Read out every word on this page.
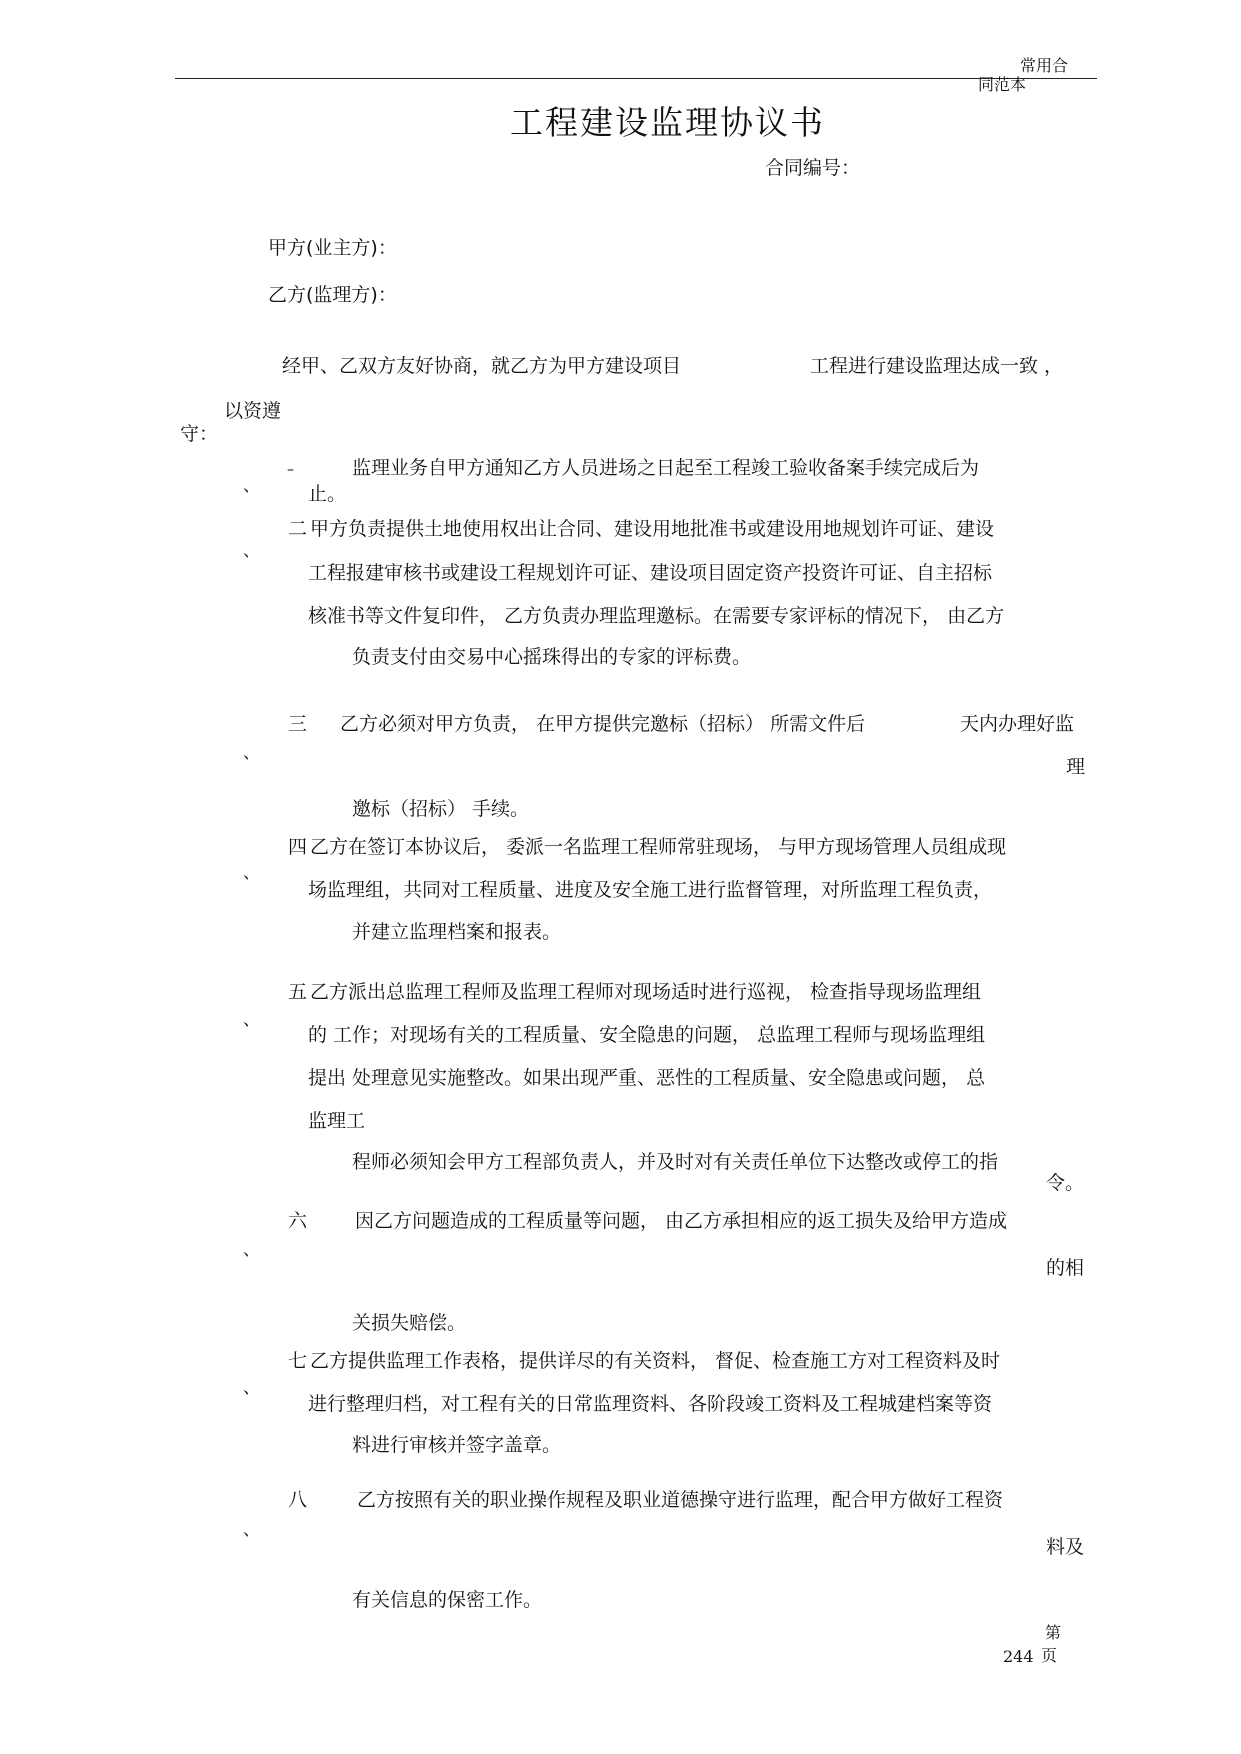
常用合
同范本
工程建设监理协议书
合同编号：
甲方(业主方)：
乙方(监理方)：
经甲、乙双方友好协商，就乙方为甲方建设项目	工程进行建设监理达成一致 ，
以资遵
守：
–
、
监理业务自甲方通知乙方人员进场之日起至工程竣工验收备案手续完成后为
止。
二
、
甲方负责提供土地使用权出让合同、建设用地批准书或建设用地规划许可证、建设
工程报建审核书或建设工程规划许可证、建设项目固定资产投资许可证、自主招标
核准书等文件复印件， 乙方负责办理监理邀标。在需要专家评标的情况下， 由乙方
负责支付由交易中心摇珠得出的专家的评标费。
三
、
乙方必须对甲方负责， 在甲方提供完邀标（招标） 所需文件后	天内办理好监
理
邀标（招标） 手续。
四
、
乙方在签订本协议后， 委派一名监理工程师常驻现场， 与甲方现场管理人员组成现
场监理组，共同对工程质量、进度及安全施工进行监督管理，对所监理工程负责，
并建立监理档案和报表。
五
、
乙方派出总监理工程师及监理工程师对现场适时进行巡视， 检查指导现场监理组
的 工作；对现场有关的工程质量、安全隐患的问题， 总监理工程师与现场监理组
提出 处理意见实施整改。如果出现严重、恶性的工程质量、安全隐患或问题， 总
监理工
程师必须知会甲方工程部负责人，并及时对有关责任单位下达整改或停工的指
令。
六
、
因乙方问题造成的工程质量等问题， 由乙方承担相应的返工损失及给甲方造成
的相
关损失赔偿。
七
、
乙方提供监理工作表格，提供详尽的有关资料， 督促、检查施工方对工程资料及时
进行整理归档，对工程有关的日常监理资料、各阶段竣工资料及工程城建档案等资
料进行审核并签字盖章。
八
、
乙方按照有关的职业操作规程及职业道德操守进行监理，配合甲方做好工程资
料及
有关信息的保密工作。
第
244 页
